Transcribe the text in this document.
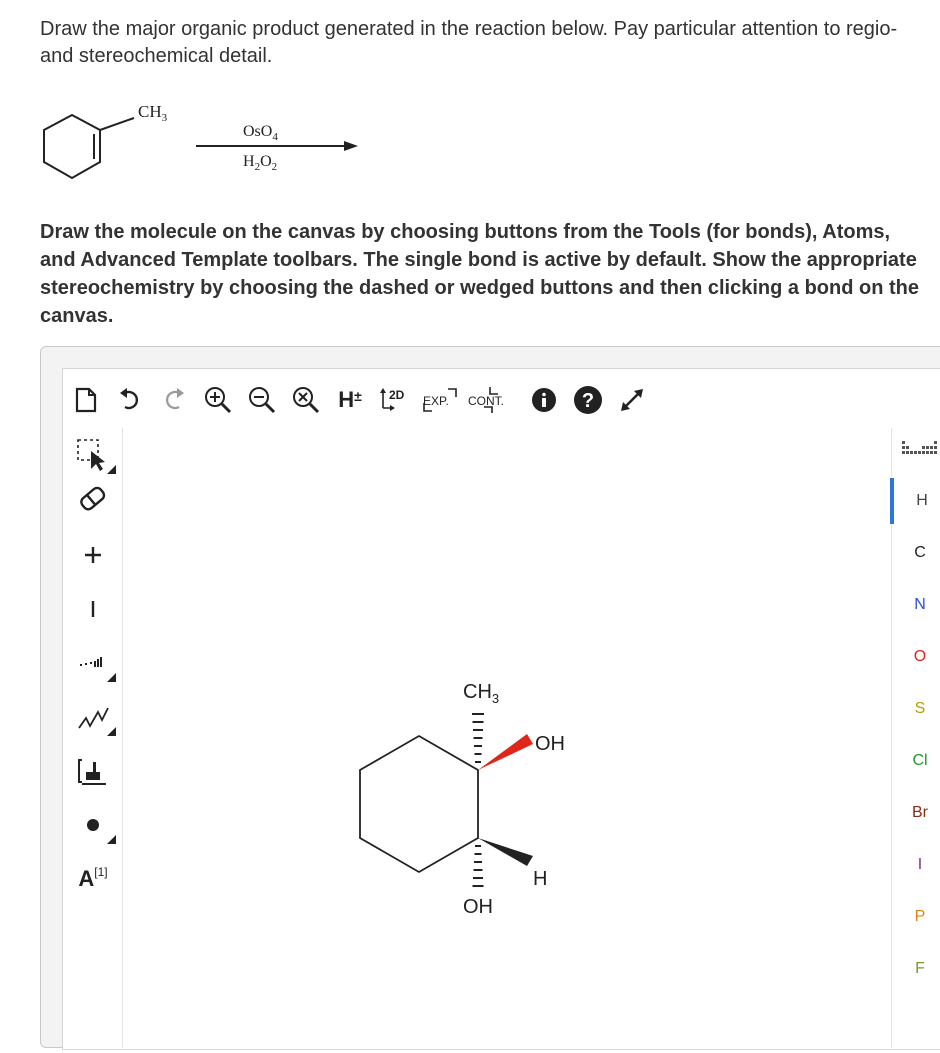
Draw the major organic product generated in the reaction below. Pay particular attention to regio- and stereochemical detail.
$CH_3$
OsO$_4$
$H_2O_2$
Draw the molecule on the canvas by choosing buttons from the Tools (for bonds), Atoms, and Advanced Template toolbars. The single bond is active by default. Show the appropriate stereochemistry by choosing the dashed or wedged buttons and then clicking a bond on the canvas.
H ± 2D EXP. CONT.	?
A [1]
$CH_3$
OH
H
OH
H
C
N
O
S
Cl
Br
I
P
F
